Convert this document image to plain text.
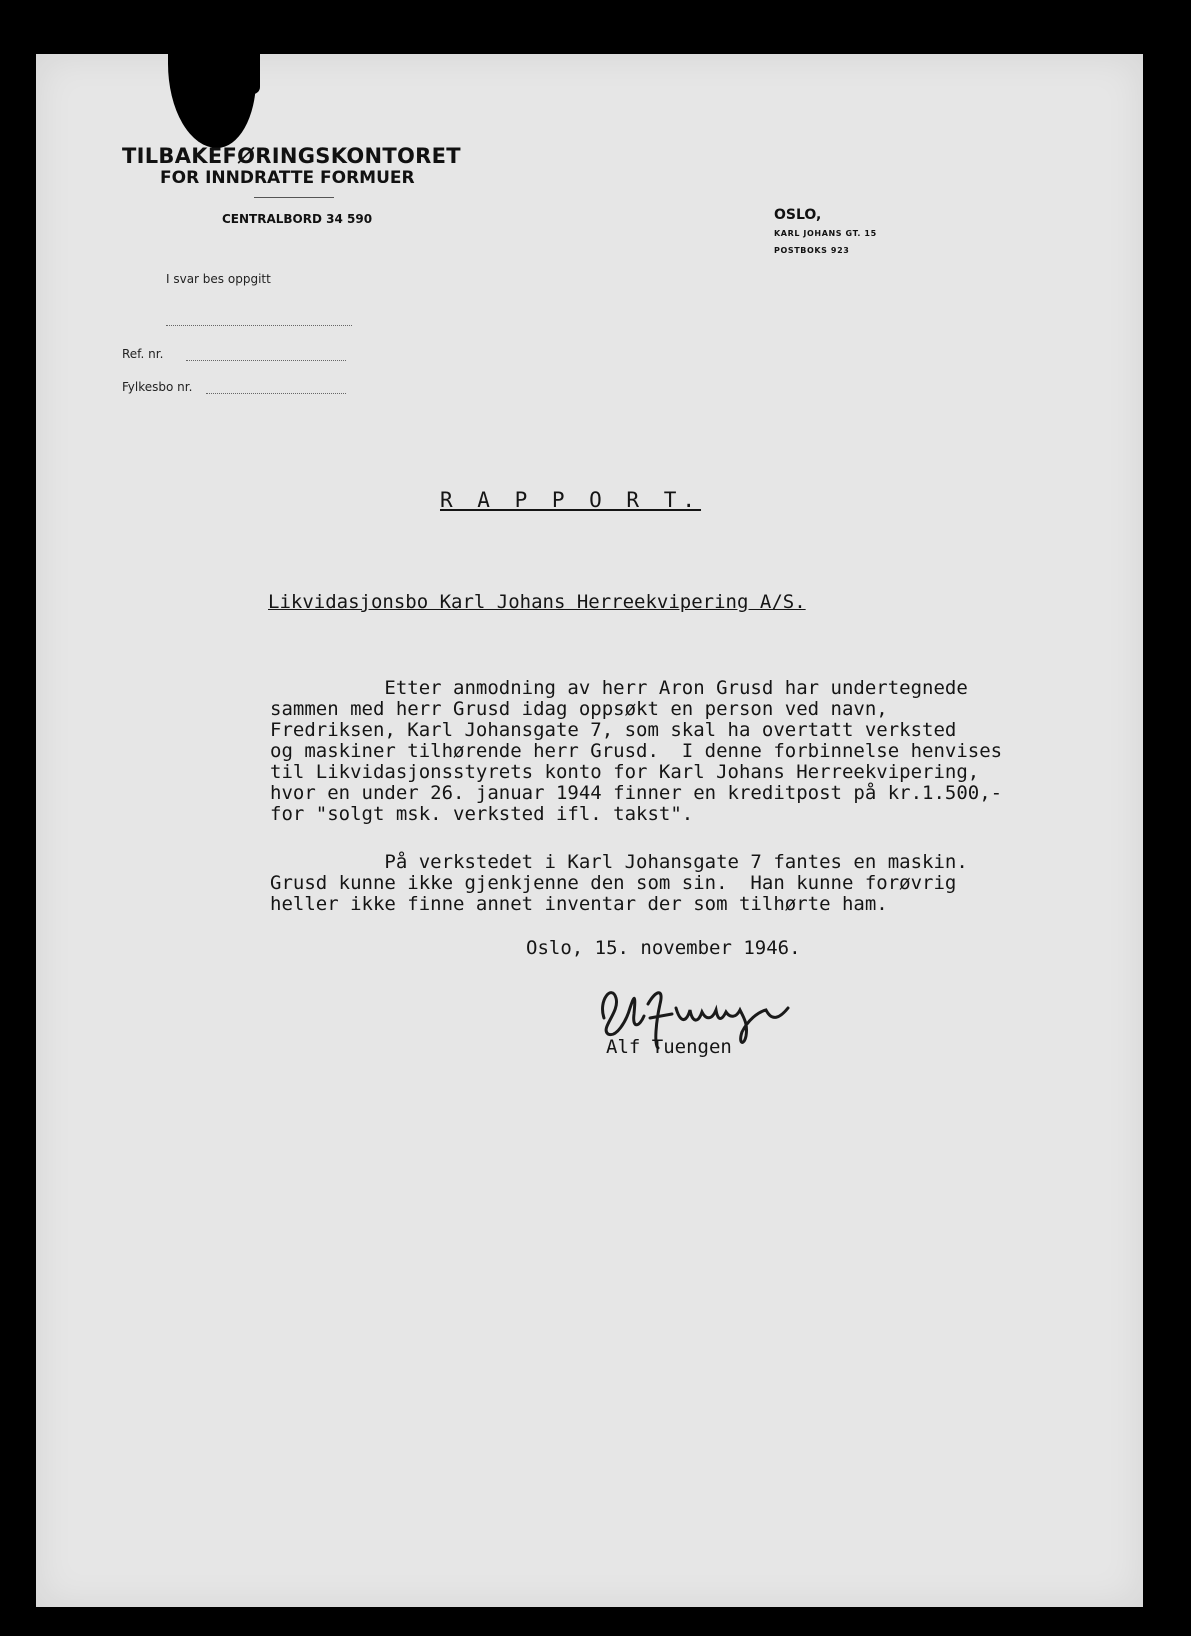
TILBAKEFØRINGSKONTORET
FOR INNDRATTE FORMUER
CENTRALBORD 34 590	OSLO,
KARL JOHANS GT. 15
POSTBOKS 923
I svar bes oppgitt
Ref. nr.
Fylkesbo nr.
R A P P O R T.
Likvidasjonsbo Karl Johans Herreekvipering A/S.
Etter anmodning av herr Aron Grusd har undertegnede
sammen med herr Grusd idag oppsøkt en person ved navn,
Fredriksen, Karl Johansgate 7, som skal ha overtatt verksted
og maskiner tilhørende herr Grusd.  I denne forbinnelse henvises
til Likvidasjonsstyrets konto for Karl Johans Herreekvipering,
hvor en under 26. januar 1944 finner en kreditpost på kr.1.500,-
for "solgt msk. verksted ifl. takst".
På verkstedet i Karl Johansgate 7 fantes en maskin.
Grusd kunne ikke gjenkjenne den som sin.  Han kunne forøvrig
heller ikke finne annet inventar der som tilhørte ham.
Oslo, 15. november 1946.
Alf Tuengen
